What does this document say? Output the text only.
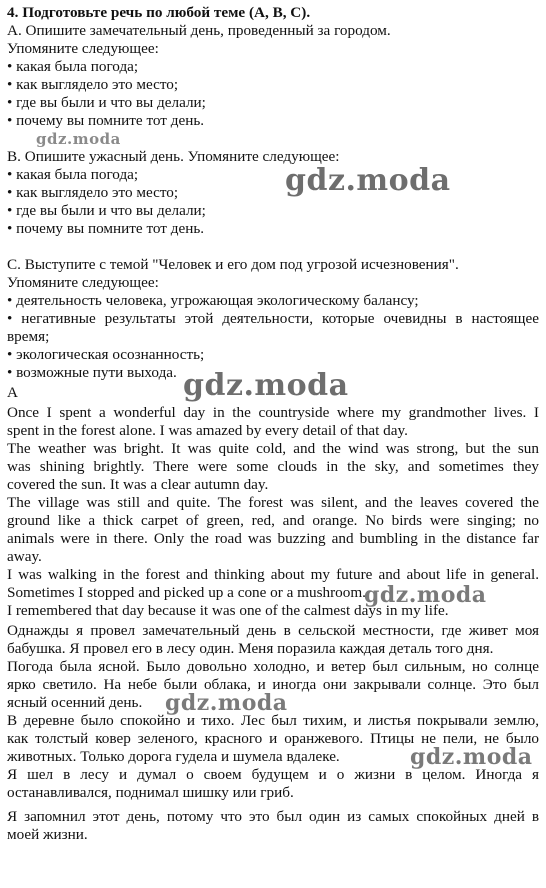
4. Подготовьте речь по любой теме (А, В, С).
А. Опишите замечательный день, проведенный за городом.
Упомяните следующее:
• какая была погода;
• как выглядело это место;
• где вы были и что вы делали;
• почему вы помните тот день.
В. Опишите ужасный день. Упомяните следующее:
• какая была погода;
• как выглядело это место;
• где вы были и что вы делали;
• почему вы помните тот день.
С. Выступите с темой "Человек и его дом под угрозой исчезновения".
Упомяните следующее:
• деятельность человека, угрожающая экологическому балансу;
• негативные результаты этой деятельности, которые очевидны в настоящее
время;
• экологическая осознанность;
• возможные пути выхода.
A
Once I spent a wonderful day in the countryside where my grandmother lives. I
spent in the forest alone. I was amazed by every detail of that day.
The weather was bright. It was quite cold, and the wind was strong, but the sun
was shining brightly. There were some clouds in the sky, and sometimes they
covered the sun. It was a clear autumn day.
The village was still and quite. The forest was silent, and the leaves covered the
ground like a thick carpet of green, red, and orange. No birds were singing; no
animals were in there. Only the road was buzzing and bumbling in the distance far
away.
I was walking in the forest and thinking about my future and about life in general.
Sometimes I stopped and picked up a cone or a mushroom.
I remembered that day because it was one of the calmest days in my life.
Однажды я провел замечательный день в сельской местности, где живет моя
бабушка. Я провел его в лесу один. Меня поразила каждая деталь того дня.
Погода была ясной. Было довольно холодно, и ветер был сильным, но солнце
ярко светило. На небе были облака, и иногда они закрывали солнце. Это был
ясный осенний день.
В деревне было спокойно и тихо. Лес был тихим, и листья покрывали землю,
как толстый ковер зеленого, красного и оранжевого. Птицы не пели, не было
животных. Только дорога гудела и шумела вдалеке.
Я шел в лесу и думал о своем будущем и о жизни в целом. Иногда я
останавливался, поднимал шишку или гриб.
Я запомнил этот день, потому что это был один из самых спокойных дней в
моей жизни.
gdz.moda
gdz.moda
gdz.moda
gdz.moda
gdz.moda
gdz.moda
